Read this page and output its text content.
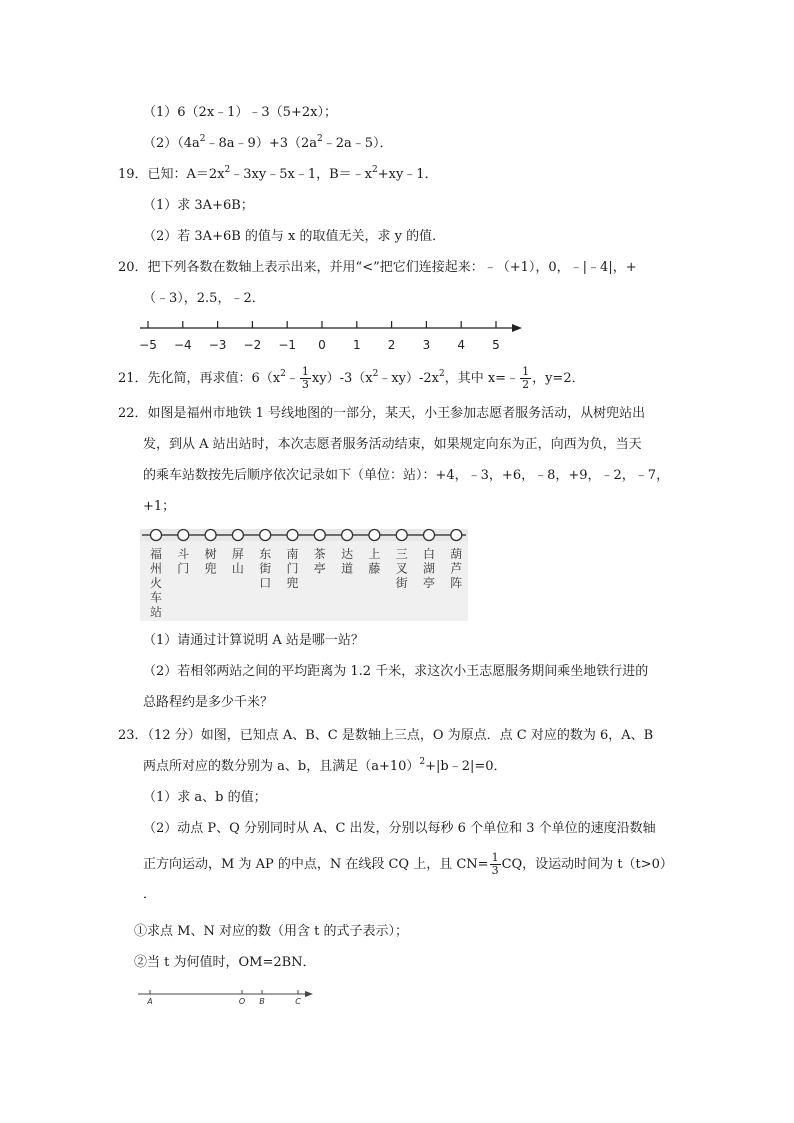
（1）6（2x﹣1）﹣3（5+2x）；
$(2)(4a^2﹣8a﹣9)+3(2a^2﹣2a﹣5)$．
19．已知：$A=2x^2﹣3xy﹣5x﹣1$，$B=﹣x^2+xy﹣1$．
（1）求 3A+6B；
（2）若 3A+6B 的值与 x 的取值无关，求 y 的值．
20．把下列各数在数轴上表示出来，并用“<”把它们连接起来：﹣（+1），0，﹣|﹣4|，+
（﹣3），2.5，﹣2．
−5 −4 −3 −2 −1 0 1 2 3 4 5
21．先化简，再求值：$6(x^2﹣ \frac{1}{3}$ $xy)-3(x^2﹣xy)-2x^2$，其中 x=﹣ $\frac{1}{2}$ ，y=2．
22．如图是福州市地铁 1 号线地图的一部分，某天，小王参加志愿者服务活动，从树兜站出
发，到从 A 站出站时，本次志愿者服务活动结束，如果规定向东为正，向西为负，当天
的乘车站数按先后顺序依次记录如下（单位：站）：+4，﹣3，+6，﹣8，+9，﹣2，﹣7，
+1；
福州火车站
斗门
树兜
屏山
东街口
南门兜
茶亭
达道
上藤
三叉街
白湖亭
葫芦阵
（1）请通过计算说明 A 站是哪一站？
（2）若相邻两站之间的平均距离为 1.2 千米，求这次小王志愿服务期间乘坐地铁行进的
总路程约是多少千米？
23．（12 分）如图，已知点 A、B、C 是数轴上三点，O 为原点．点 C 对应的数为 6，A、B
两点所对应的数分别为 a、b，且满足$(a+10)^2+|b﹣2|=0$．
（1）求 a、b 的值；
（2）动点 P、Q 分别同时从 A、C 出发，分别以每秒 6 个单位和 3 个单位的速度沿数轴
正方向运动，M 为 AP 的中点，N 在线段 CQ 上，且 $CN= \frac{1}{3}$ CQ，设运动时间为 t（t>0）
．
①求点 M、N 对应的数（用含 t 的式子表示）；
②当 t 为何值时，OM=2BN．
A	O B	C
